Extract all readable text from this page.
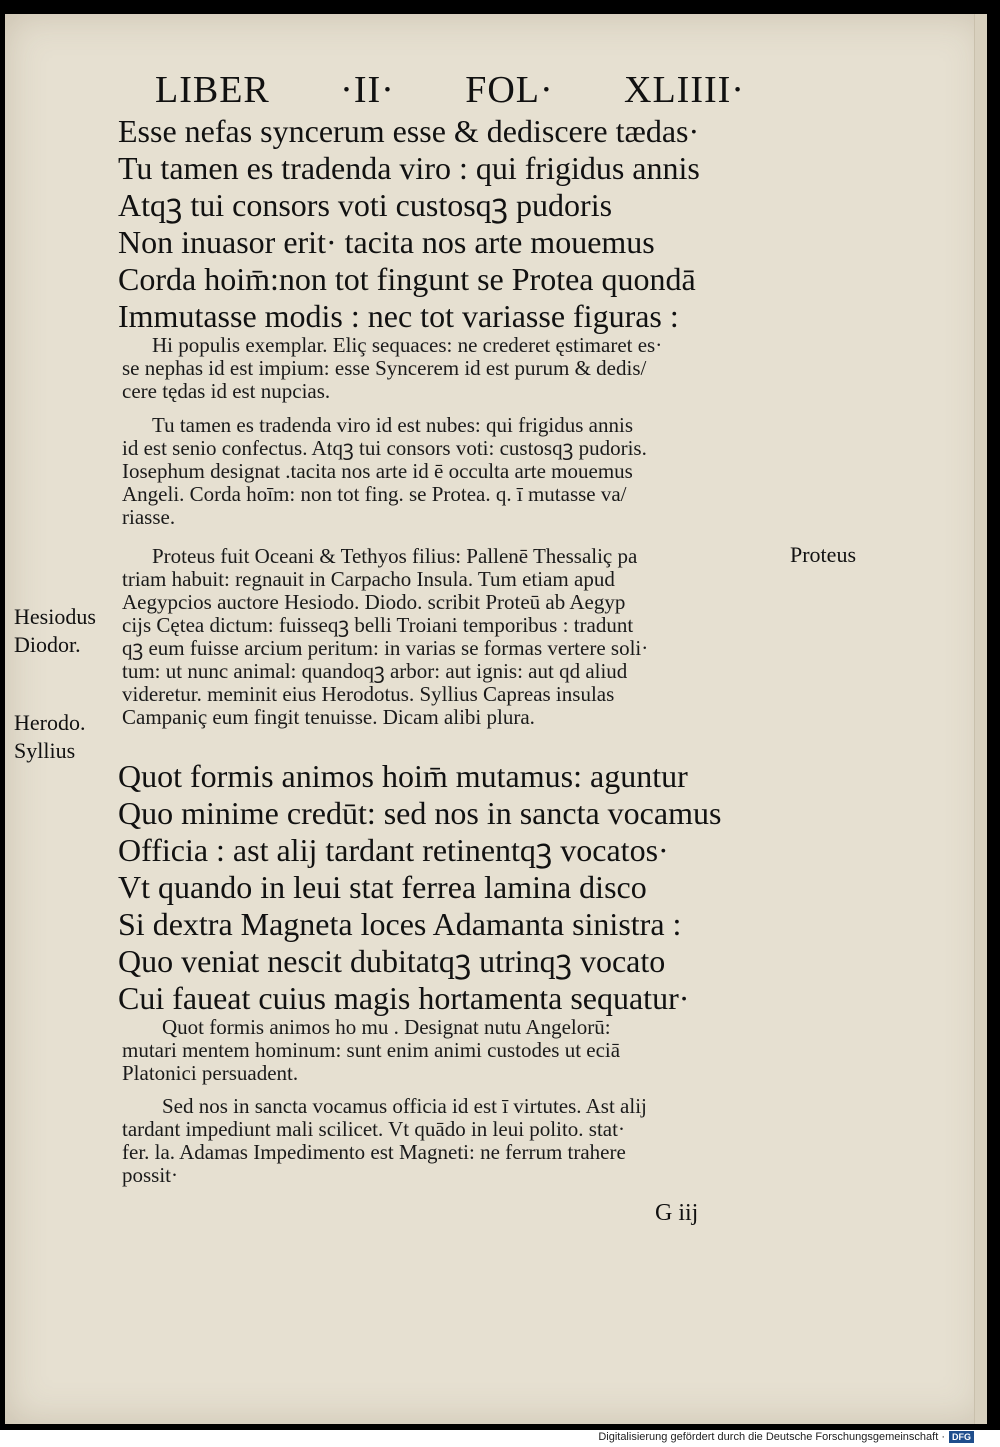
LIBER ·II· FOL· XLIIII·
Esse nefas syncerum esse & dediscere tædas·
Tu tamen es tradenda viro : qui frigidus annis
Atqꝫ tui consors voti custosqꝫ pudoris
Non inuasor erit· tacita nos arte mouemus
Corda hoim̄:non tot fingunt se Protea quondā
Immutasse modis : nec tot variasse figuras :
Hi populis exemplar. Eliç sequaces: ne crederet ęstimaret es·
se nephas id est impium: esse Syncerem id est purum & dedis/
cere tędas id est nupcias.
Tu tamen es tradenda viro id est nubes: qui frigidus annis
id est senio confectus. Atqꝫ tui consors voti: custosqꝫ pudoris.
Iosephum designat .tacita nos arte id ē occulta arte mouemus
Angeli. Corda hoīm: non tot fing. se Protea. q. ī mutasse va/
riasse.
Proteus fuit Oceani & Tethyos filius: Pallenē Thessaliç pa
triam habuit: regnauit in Carpacho Insula. Tum etiam apud
Aegypcios auctore Hesiodo. Diodo. scribit Proteū ab Aegyp
cijs Cętea dictum: fuisseqꝫ belli Troiani temporibus : tradunt
qꝫ eum fuisse arcium peritum: in varias se formas vertere soli·
tum: ut nunc animal: quandoqꝫ arbor: aut ignis: aut qd aliud
videretur. meminit eius Herodotus. Syllius Capreas insulas
Campaniç eum fingit tenuisse. Dicam alibi plura.
Quot formis animos hoim̄ mutamus: aguntur
Quo minime credūt: sed nos in sancta vocamus
Officia : ast alij tardant retinentqꝫ vocatos·
Vt quando in leui stat ferrea lamina disco
Si dextra Magneta loces Adamanta sinistra :
Quo veniat nescit dubitatqꝫ utrinqꝫ vocato
Cui faueat cuius magis hortamenta sequatur·
Quot formis animos ho mu . Designat nutu Angelorū:
mutari mentem hominum: sunt enim animi custodes ut eciā
Platonici persuadent.
Sed nos in sancta vocamus officia id est ī virtutes. Ast alij
tardant impediunt mali scilicet. Vt quādo in leui polito. stat·
fer. la. Adamas Impedimento est Magneti: ne ferrum trahere
possit·
Proteus
Hesiodus
Diodor.
Herodo.
Syllius
G iij
Digitalisierung gefördert durch die Deutsche Forschungsgemeinschaft · DFG
